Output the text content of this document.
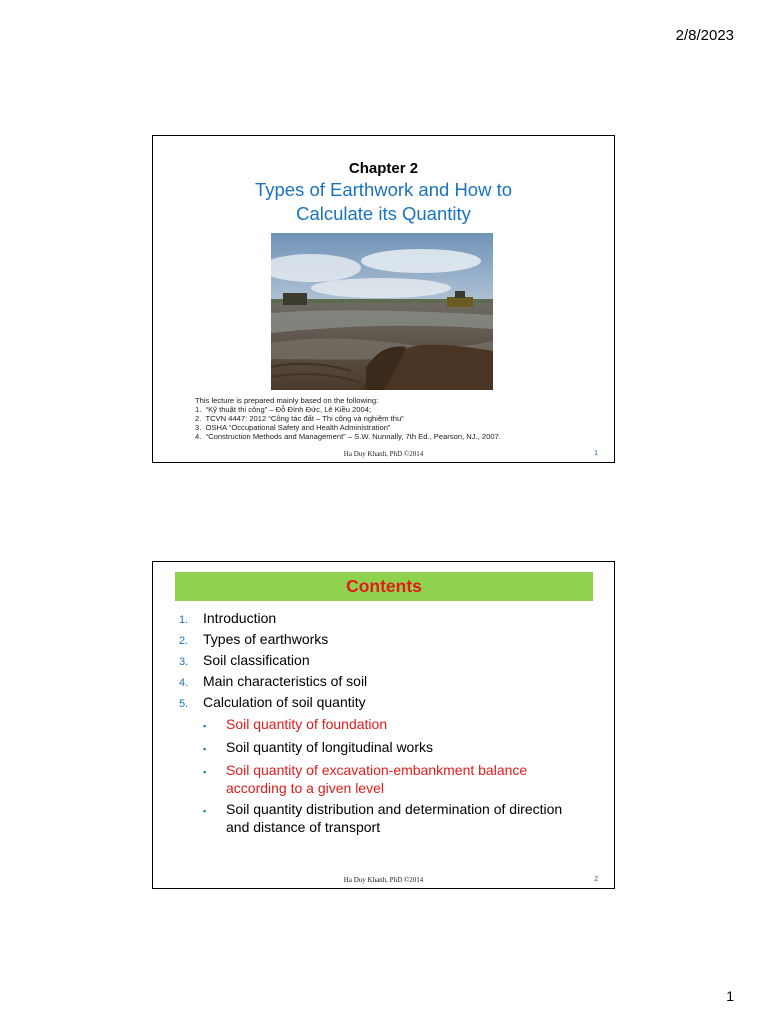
2/8/2023
Chapter 2
Types of Earthwork and How to
Calculate its Quantity
This lecture is prepared mainly based on the following:
1. “Kỹ thuật thi công” – Đỗ Đình Đức, Lê Kiều 2004;
2. TCVN 4447: 2012 “Công tác đất – Thi công và nghiệm thu”
3. OSHA “Occupational Safety and Health Administration”
4. “Construction Methods and Management” – S.W. Nunnally, 7th Ed., Pearson, NJ., 2007.
Ha Duy Khanh, PhD ©2014	1
Contents
1.	Introduction
2.	Types of earthworks
3.	Soil classification
4.	Main characteristics of soil
5.	Calculation of soil quantity
▪	Soil quantity of foundation
▪	Soil quantity of longitudinal works
▪	Soil quantity of excavation-embankment balance according to a given level
▪	Soil quantity distribution and determination of direction and distance of transport
Ha Duy Khanh, PhD ©2014	2
1
